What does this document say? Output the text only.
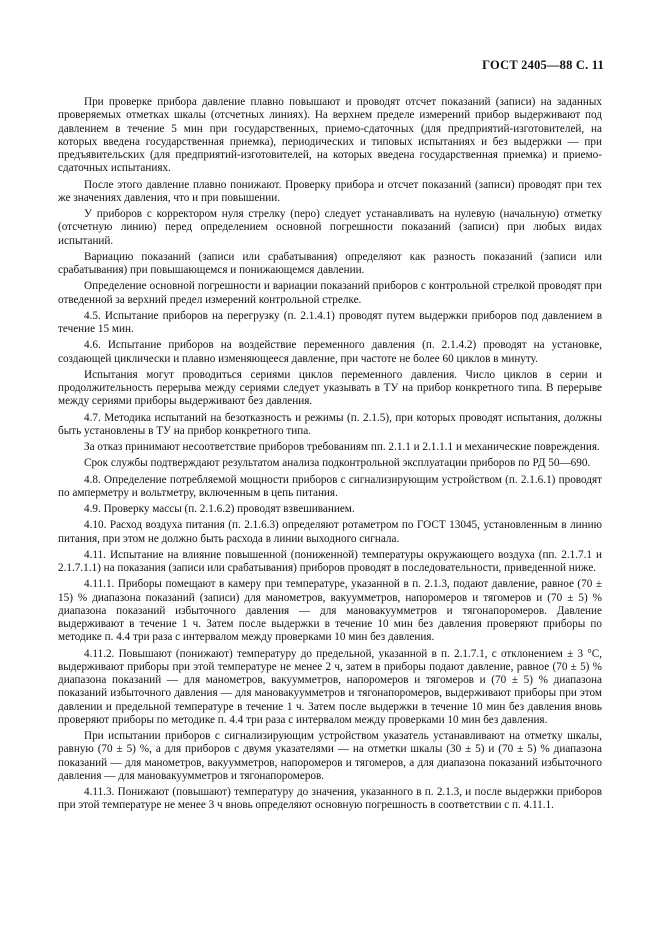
ГОСТ 2405—88 С. 11

При проверке прибора давление плавно повышают и проводят отсчет показаний (записи) на заданных проверяемых отметках шкалы (отсчетных линиях). На верхнем пределе измерений прибор выдерживают под давлением в течение 5 мин при государственных, приемо-сдаточных (для предприятий-изготовителей, на которых введена государственная приемка), периодических и типовых испытаниях и без выдержки — при предъявительских (для предприятий-изготовителей, на которых введена государственная приемка) и приемо-сдаточных испытаниях.

После этого давление плавно понижают. Проверку прибора и отсчет показаний (записи) проводят при тех же значениях давления, что и при повышении.

У приборов с корректором нуля стрелку (перо) следует устанавливать на нулевую (начальную) отметку (отсчетную линию) перед определением основной погрешности показаний (записи) при любых видах испытаний.

Вариацию показаний (записи или срабатывания) определяют как разность показаний (записи или срабатывания) при повышающемся и понижающемся давлении.

Определение основной погрешности и вариации показаний приборов с контрольной стрелкой проводят при отведенной за верхний предел измерений контрольной стрелке.

4.5. Испытание приборов на перегрузку (п. 2.1.4.1) проводят путем выдержки приборов под давлением в течение 15 мин.

4.6. Испытание приборов на воздействие переменного давления (п. 2.1.4.2) проводят на установке, создающей циклически и плавно изменяющееся давление, при частоте не более 60 циклов в минуту.

Испытания могут проводиться сериями циклов переменного давления. Число циклов в серии и продолжительность перерыва между сериями следует указывать в ТУ на прибор конкретного типа. В перерыве между сериями приборы выдерживают без давления.

4.7. Методика испытаний на безотказность и режимы (п. 2.1.5), при которых проводят испытания, должны быть установлены в ТУ на прибор конкретного типа.

За отказ принимают несоответствие приборов требованиям пп. 2.1.1 и 2.1.1.1 и механические повреждения.

Срок службы подтверждают результатом анализа подконтрольной эксплуатации приборов по РД 50—690.

4.8. Определение потребляемой мощности приборов с сигнализирующим устройством (п. 2.1.6.1) проводят по амперметру и вольтметру, включенным в цепь питания.

4.9. Проверку массы (п. 2.1.6.2) проводят взвешиванием.

4.10. Расход воздуха питания (п. 2.1.6.3) определяют ротаметром по ГОСТ 13045, установленным в линию питания, при этом не должно быть расхода в линии выходного сигнала.

4.11. Испытание на влияние повышенной (пониженной) температуры окружающего воздуха (пп. 2.1.7.1 и 2.1.7.1.1) на показания (записи или срабатывания) приборов проводят в последовательности, приведенной ниже.

4.11.1. Приборы помещают в камеру при температуре, указанной в п. 2.1.3, подают давление, равное (70 ± 15) % диапазона показаний (записи) для манометров, вакуумметров, напоромеров и тягомеров и (70 ± 5) % диапазона показаний избыточного давления — для мановакуумметров и тягонапоромеров. Давление выдерживают в течение 1 ч. Затем после выдержки в течение 10 мин без давления проверяют приборы по методике п. 4.4 три раза с интервалом между проверками 10 мин без давления.

4.11.2. Повышают (понижают) температуру до предельной, указанной в п. 2.1.7.1, с отклонением ± 3 °С, выдерживают приборы при этой температуре не менее 2 ч, затем в приборы подают давление, равное (70 ± 5) % диапазона показаний — для манометров, вакуумметров, напоромеров и тягомеров и (70 ± 5) % диапазона показаний избыточного давления — для мановакуумметров и тягонапоромеров, выдерживают приборы при этом давлении и предельной температуре в течение 1 ч. Затем после выдержки в течение 10 мин без давления вновь проверяют приборы по методике п. 4.4 три раза с интервалом между проверками 10 мин без давления.

При испытании приборов с сигнализирующим устройством указатель устанавливают на отметку шкалы, равную (70 ± 5) %, а для приборов с двумя указателями — на отметки шкалы (30 ± 5) и (70 ± 5) % диапазона показаний — для манометров, вакуумметров, напоромеров и тягомеров, а для диапазона показаний избыточного давления — для мановакуумметров и тягонапоромеров.

4.11.3. Понижают (повышают) температуру до значения, указанного в п. 2.1.3, и после выдержки приборов при этой температуре не менее 3 ч вновь определяют основную погрешность в соответствии с п. 4.11.1.
